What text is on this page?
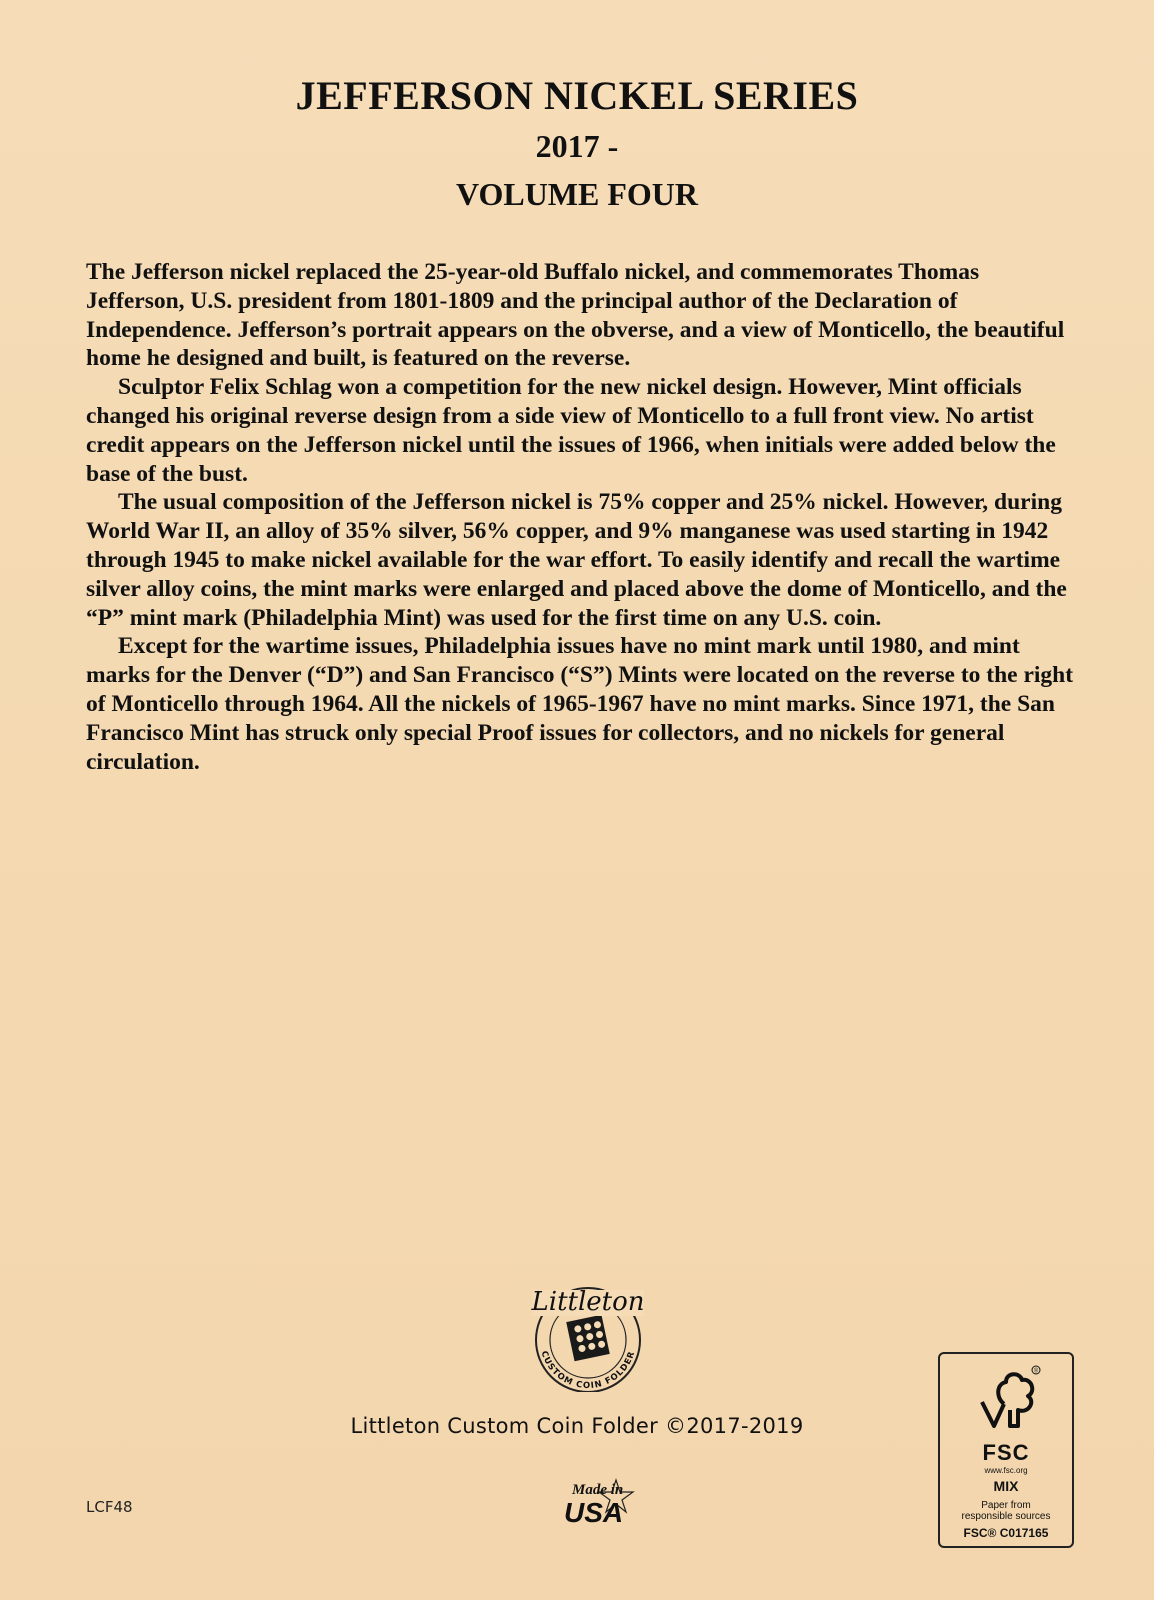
JEFFERSON NICKEL SERIES
2017 -
VOLUME FOUR

The Jefferson nickel replaced the 25-year-old Buffalo nickel, and commemorates Thomas Jefferson, U.S. president from 1801-1809 and the principal author of the Declaration of Independence. Jefferson’s portrait appears on the obverse, and a view of Monticello, the beautiful home he designed and built, is featured on the reverse.

Sculptor Felix Schlag won a competition for the new nickel design. However, Mint officials changed his original reverse design from a side view of Monticello to a full front view. No artist credit appears on the Jefferson nickel until the issues of 1966, when initials were added below the base of the bust.

The usual composition of the Jefferson nickel is 75% copper and 25% nickel. However, during World War II, an alloy of 35% silver, 56% copper, and 9% manganese was used starting in 1942 through 1945 to make nickel available for the war effort. To easily identify and recall the wartime silver alloy coins, the mint marks were enlarged and placed above the dome of Monticello, and the “P” mint mark (Philadelphia Mint) was used for the first time on any U.S. coin.

Except for the wartime issues, Philadelphia issues have no mint mark until 1980, and mint marks for the Denver (“D”) and San Francisco (“S”) Mints were located on the reverse to the right of Monticello through 1964. All the nickels of 1965-1967 have no mint marks. Since 1971, the San Francisco Mint has struck only special Proof issues for collectors, and no nickels for general circulation.

Littleton
CUSTOM COIN FOLDER
Littleton Custom Coin Folder ©2017-2019
Made in
USA
LCF48
®
FSC
www.fsc.org
MIX
Paper from
responsible sources
FSC® C017165
